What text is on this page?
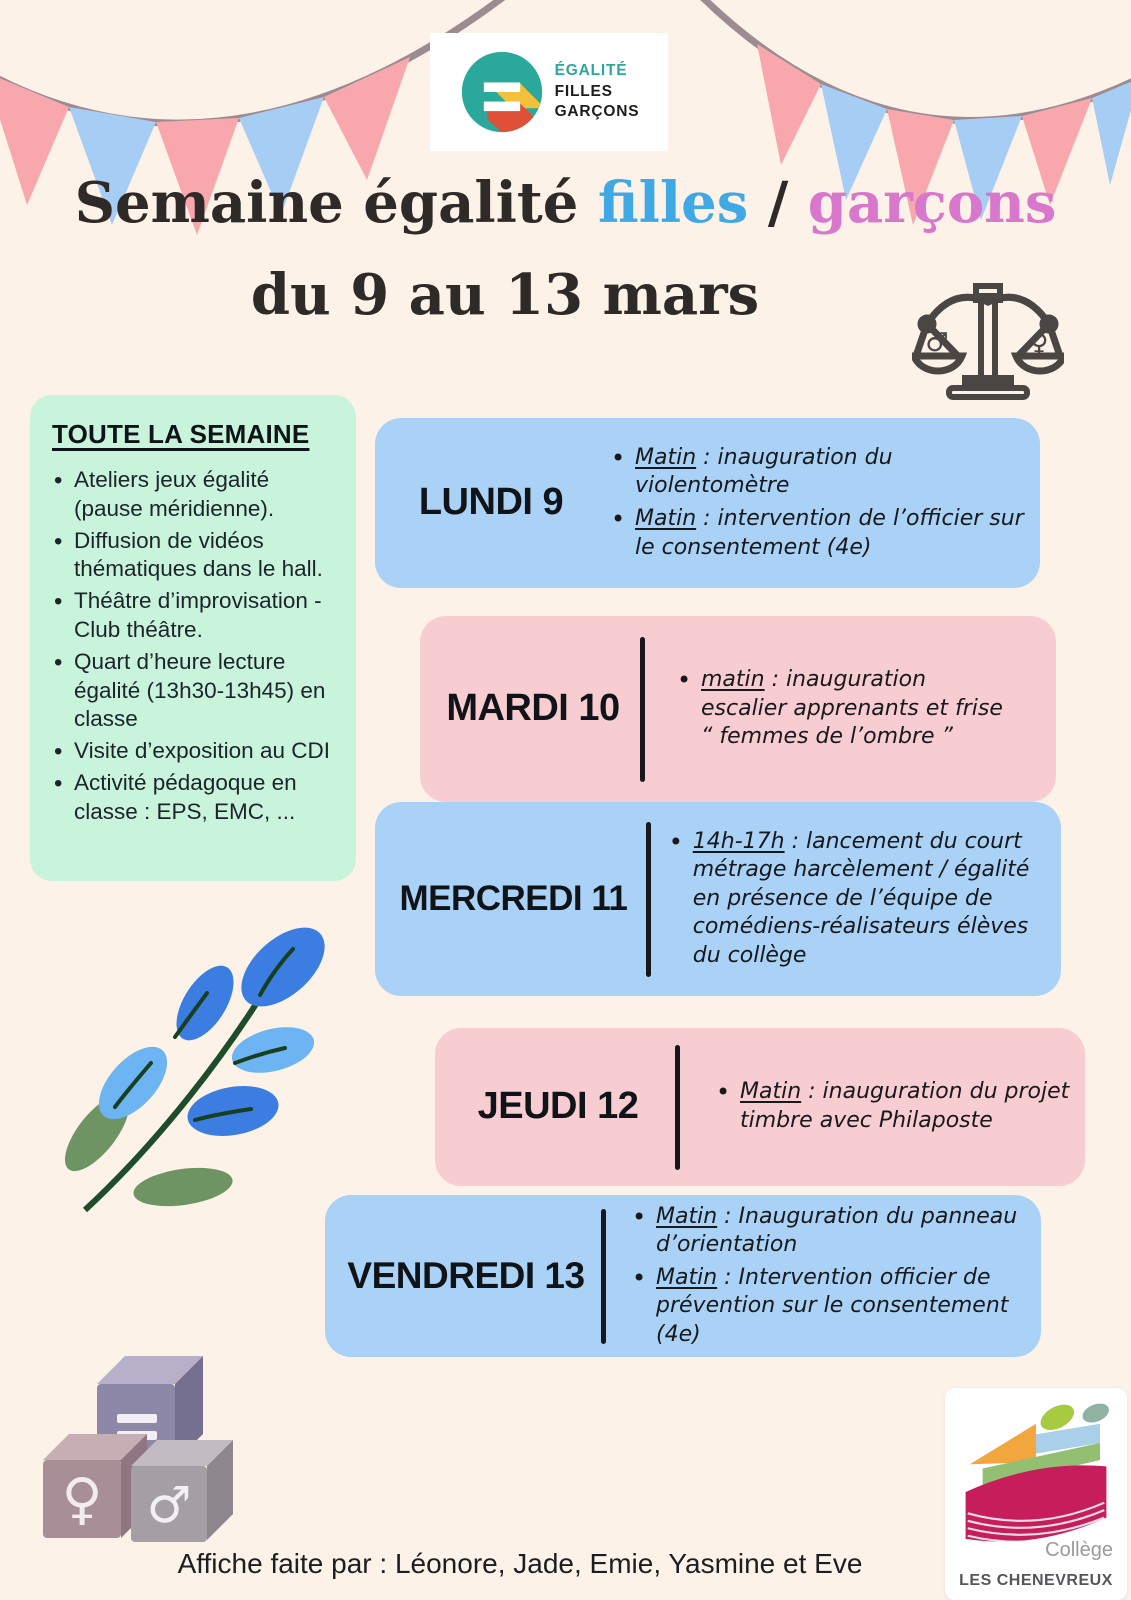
ÉGALITÉ
FILLES
GARÇONS
Semaine égalité filles / garçons
du 9 au 13 mars
♂	♀
TOUTE LA SEMAINE
• Ateliers jeux égalité (pause méridienne).
• Diffusion de vidéos thématiques dans le hall.
• Théâtre d’improvisation - Club théâtre.
• Quart d’heure lecture égalité (13h30-13h45) en classe
• Visite d’exposition au CDI
• Activité pédagoque en classe : EPS, EMC, ...
LUNDI 9
• Matin : inauguration du violentomètre
• Matin : intervention de l’officier sur le consentement (4e)
MARDI 10
• matin : inauguration escalier apprenants et frise “ femmes de l’ombre ”
MERCREDI 11
• 14h-17h : lancement du court métrage harcèlement / égalité en présence de l’équipe de comédiens-réalisateurs élèves du collège
JEUDI 12	• Matin : inauguration du projet timbre avec Philaposte
VENDREDI 13
• Matin : Inauguration du panneau d’orientation
• Matin : Intervention officier de prévention sur le consentement (4e)
♀ ♂
Affiche faite par : Léonore, Jade, Emie, Yasmine et Eve	Collège
LES CHENEVREUX
